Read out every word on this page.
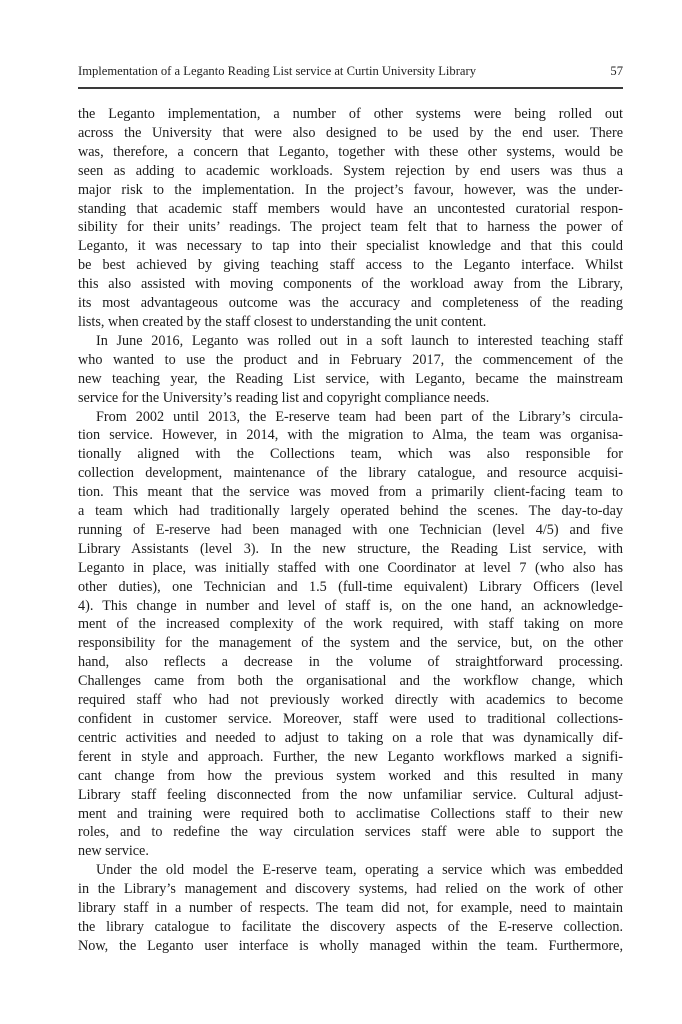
Implementation of a Leganto Reading List service at Curtin University Library	57
the Leganto implementation, a number of other systems were being rolled out
across the University that were also designed to be used by the end user. There
was, therefore, a concern that Leganto, together with these other systems, would be
seen as adding to academic workloads. System rejection by end users was thus a
major risk to the implementation. In the project’s favour, however, was the under-
standing that academic staff members would have an uncontested curatorial respon-
sibility for their units’ readings. The project team felt that to harness the power of
Leganto, it was necessary to tap into their specialist knowledge and that this could
be best achieved by giving teaching staff access to the Leganto interface. Whilst
this also assisted with moving components of the workload away from the Library,
its most advantageous outcome was the accuracy and completeness of the reading
lists, when created by the staff closest to understanding the unit content.
In June 2016, Leganto was rolled out in a soft launch to interested teaching staff
who wanted to use the product and in February 2017, the commencement of the
new teaching year, the Reading List service, with Leganto, became the mainstream
service for the University’s reading list and copyright compliance needs.
From 2002 until 2013, the E-reserve team had been part of the Library’s circula-
tion service. However, in 2014, with the migration to Alma, the team was organisa-
tionally aligned with the Collections team, which was also responsible for
collection development, maintenance of the library catalogue, and resource acquisi-
tion. This meant that the service was moved from a primarily client-facing team to
a team which had traditionally largely operated behind the scenes. The day-to-day
running of E-reserve had been managed with one Technician (level 4/5) and five
Library Assistants (level 3). In the new structure, the Reading List service, with
Leganto in place, was initially staffed with one Coordinator at level 7 (who also has
other duties), one Technician and 1.5 (full-time equivalent) Library Officers (level
4). This change in number and level of staff is, on the one hand, an acknowledge-
ment of the increased complexity of the work required, with staff taking on more
responsibility for the management of the system and the service, but, on the other
hand, also reflects a decrease in the volume of straightforward processing.
Challenges came from both the organisational and the workflow change, which
required staff who had not previously worked directly with academics to become
confident in customer service. Moreover, staff were used to traditional collections-
centric activities and needed to adjust to taking on a role that was dynamically dif-
ferent in style and approach. Further, the new Leganto workflows marked a signifi-
cant change from how the previous system worked and this resulted in many
Library staff feeling disconnected from the now unfamiliar service. Cultural adjust-
ment and training were required both to acclimatise Collections staff to their new
roles, and to redefine the way circulation services staff were able to support the
new service.
Under the old model the E-reserve team, operating a service which was embedded
in the Library’s management and discovery systems, had relied on the work of other
library staff in a number of respects. The team did not, for example, need to maintain
the library catalogue to facilitate the discovery aspects of the E-reserve collection.
Now, the Leganto user interface is wholly managed within the team. Furthermore,
